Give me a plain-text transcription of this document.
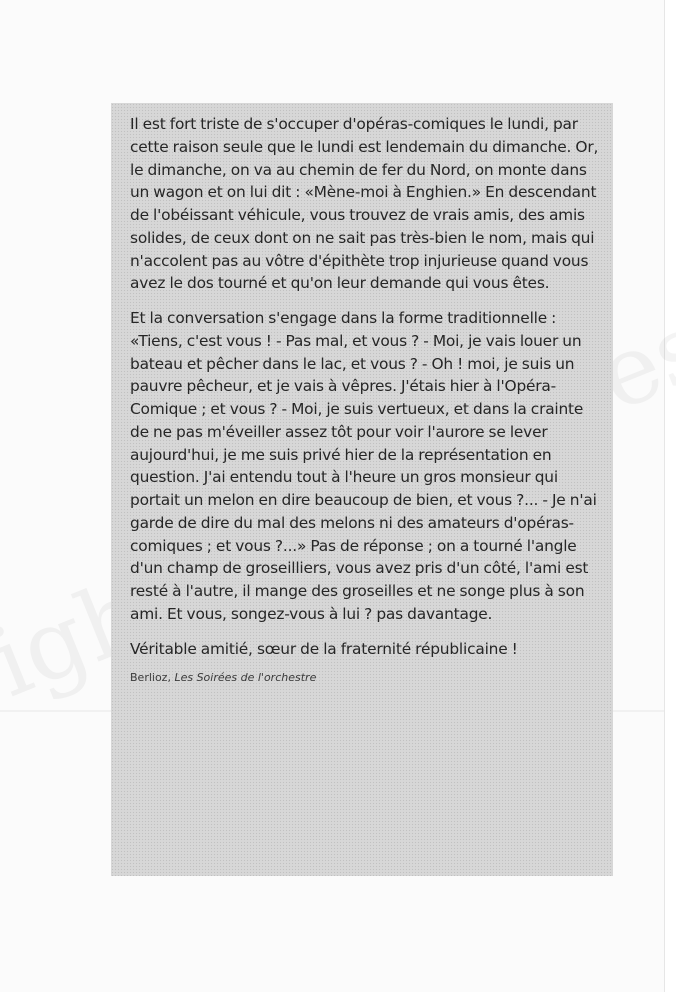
Il est fort triste de s'occuper d'opéras-comiques le lundi, par cette raison seule que le lundi est lendemain du dimanche. Or, le dimanche, on va au chemin de fer du Nord, on monte dans un wagon et on lui dit : «Mène-moi à Enghien.» En descendant de l'obéissant véhicule, vous trouvez de vrais amis, des amis solides, de ceux dont on ne sait pas très-bien le nom, mais qui n'accolent pas au vôtre d'épithète trop injurieuse quand vous avez le dos tourné et qu'on leur demande qui vous êtes.

Et la conversation s'engage dans la forme traditionnelle : «Tiens, c'est vous ! - Pas mal, et vous ? - Moi, je vais louer un bateau et pêcher dans le lac, et vous ? - Oh ! moi, je suis un pauvre pêcheur, et je vais à vêpres. J'étais hier à l'Opéra-Comique ; et vous ? - Moi, je suis vertueux, et dans la crainte de ne pas m'éveiller assez tôt pour voir l'aurore se lever aujourd'hui, je me suis privé hier de la représentation en question. J'ai entendu tout à l'heure un gros monsieur qui portait un melon en dire beaucoup de bien, et vous ?... - Je n'ai garde de dire du mal des melons ni des amateurs d'opéras-comiques ; et vous ?...» Pas de réponse ; on a tourné l'angle d'un champ de groseilliers, vous avez pris d'un côté, l'ami est resté à l'autre, il mange des groseilles et ne songe plus à son ami. Et vous, songez-vous à lui ? pas davantage.

Véritable amitié, sœur de la fraternité républicaine !

Berlioz, Les Soirées de l'orchestre
